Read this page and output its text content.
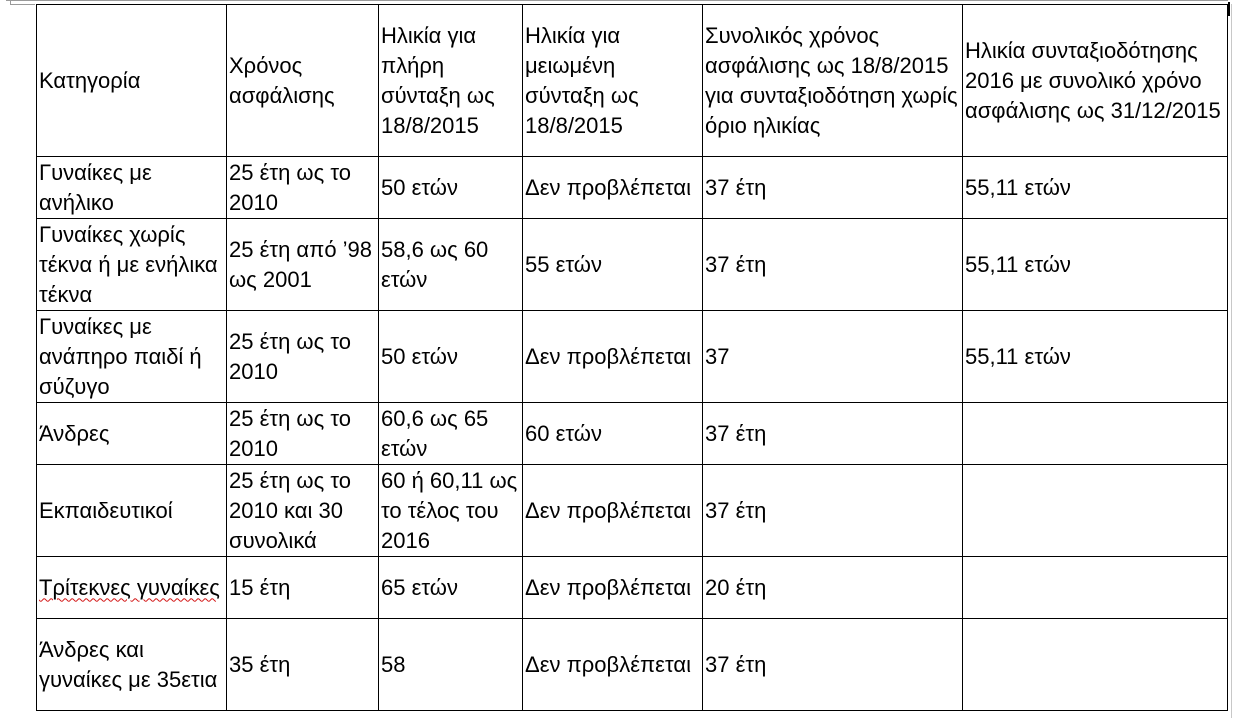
Κατηγορία	Χρόνος ασφάλισης	Ηλικία για πλήρη σύνταξη ως 18/8/2015	Ηλικία για μειωμένη σύνταξη ως 18/8/2015	Συνολικός χρόνος ασφάλισης ως 18/8/2015 για συνταξιοδότηση χωρίς όριο ηλικίας	Ηλικία συνταξιοδότησης 2016 με συνολικό χρόνο ασφάλισης ως 31/12/2015
Γυναίκες με ανήλικο	25 έτη ως το 2010	50 ετών	Δεν προβλέπεται	37 έτη	55,11 ετών
Γυναίκες χωρίς τέκνα ή με ενήλικα τέκνα	25 έτη από ’98 ως 2001	58,6 ως 60 ετών	55 ετών	37 έτη	55,11 ετών
Γυναίκες με ανάπηρο παιδί ή σύζυγο	25 έτη ως το 2010	50 ετών	Δεν προβλέπεται	37	55,11 ετών
Άνδρες	25 έτη ως το 2010	60,6 ως 65 ετών	60 ετών	37 έτη	
Εκπαιδευτικοί	25 έτη ως το 2010 και 30 συνολικά	60 ή 60,11 ως το τέλος του 2016	Δεν προβλέπεται	37 έτη	
Τρίτεκνες γυναίκες	15 έτη	65 ετών	Δεν προβλέπεται	20 έτη	
Άνδρες και γυναίκες με 35ετια	35 έτη	58	Δεν προβλέπεται	37 έτη	
